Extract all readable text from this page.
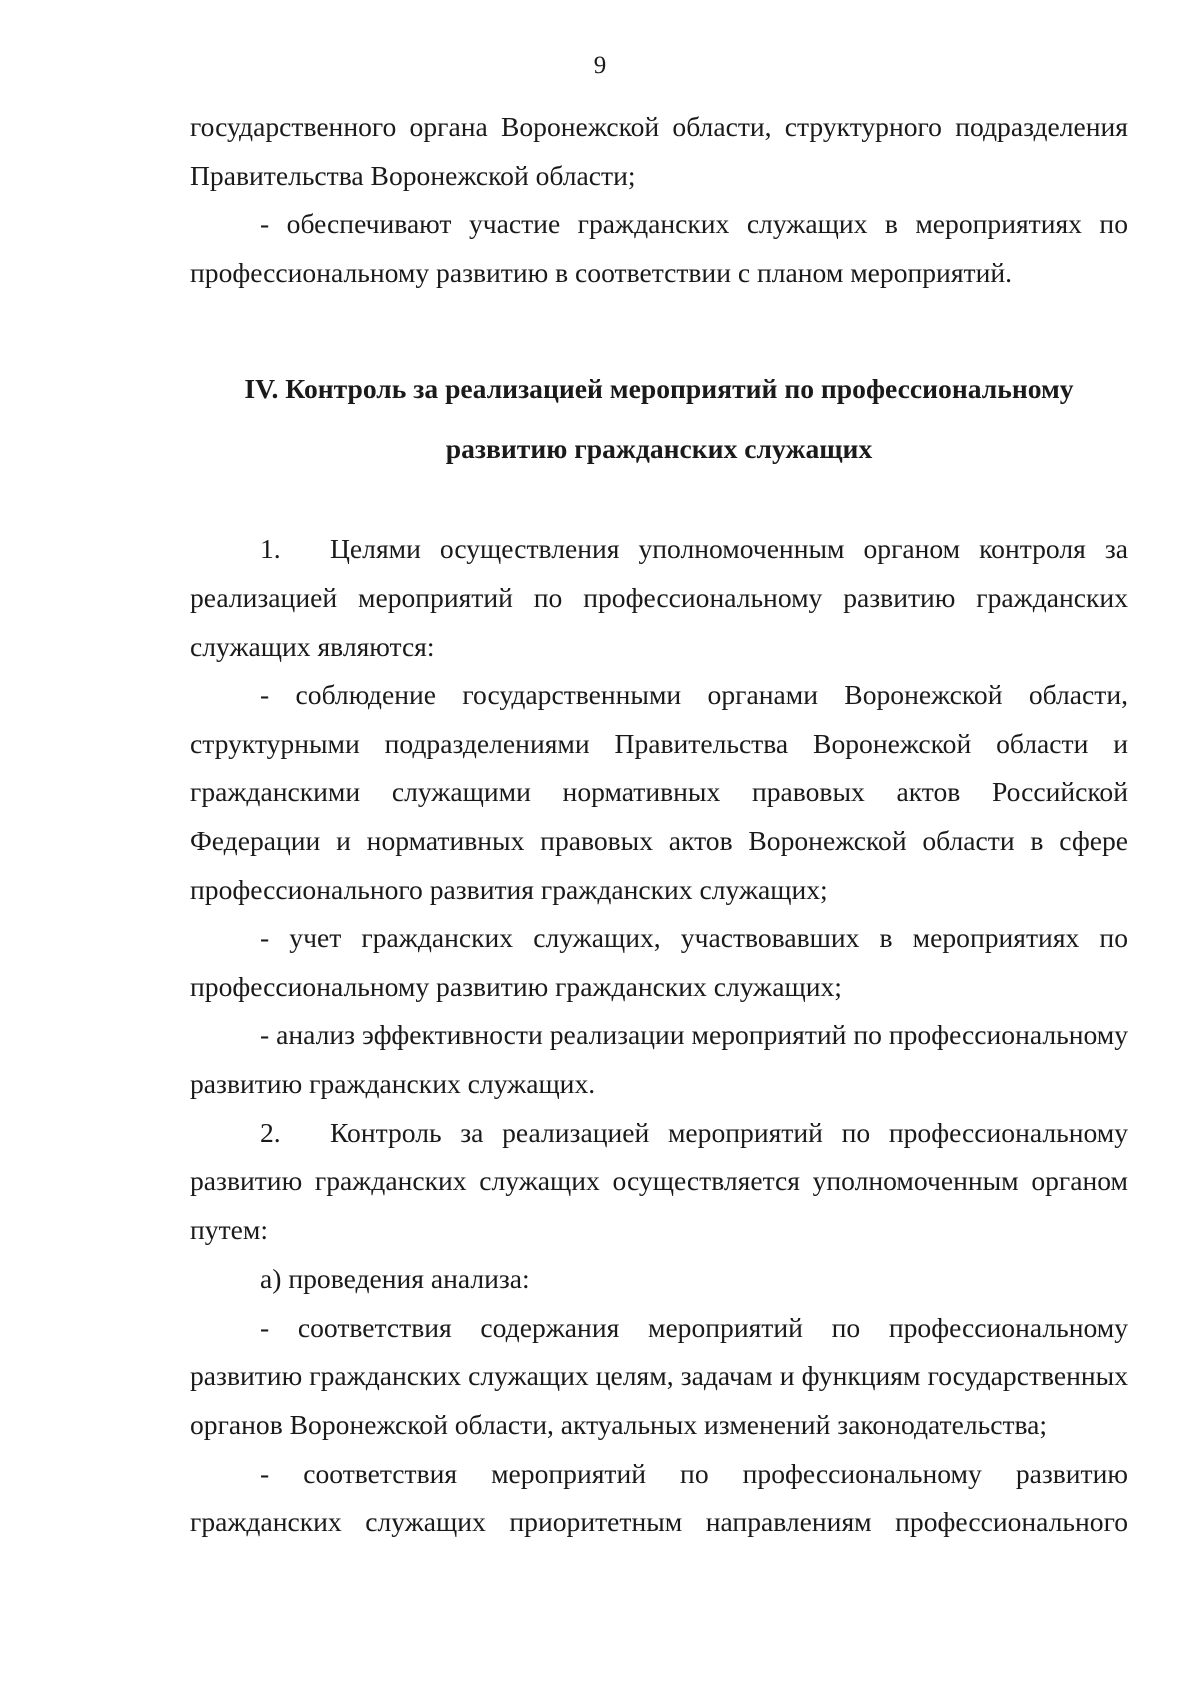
9

государственного органа Воронежской области, структурного подразделения Правительства Воронежской области;

- обеспечивают участие гражданских служащих в мероприятиях по профессиональному развитию в соответствии с планом мероприятий.

IV. Контроль за реализацией мероприятий по профессиональному
развитию гражданских служащих

1. Целями осуществления уполномоченным органом контроля за реализацией мероприятий по профессиональному развитию гражданских служащих являются:

- соблюдение государственными органами Воронежской области, структурными подразделениями Правительства Воронежской области и гражданскими служащими нормативных правовых актов Российской Федерации и нормативных правовых актов Воронежской области в сфере профессионального развития гражданских служащих;

- учет гражданских служащих, участвовавших в мероприятиях по профессиональному развитию гражданских служащих;

- анализ эффективности реализации мероприятий по профессиональному развитию гражданских служащих.

2. Контроль за реализацией мероприятий по профессиональному развитию гражданских служащих осуществляется уполномоченным органом путем:

а) проведения анализа:

- соответствия содержания мероприятий по профессиональному развитию гражданских служащих целям, задачам и функциям государственных органов Воронежской области, актуальных изменений законодательства;

- соответствия мероприятий по профессиональному развитию гражданских служащих приоритетным направлениям профессионального
